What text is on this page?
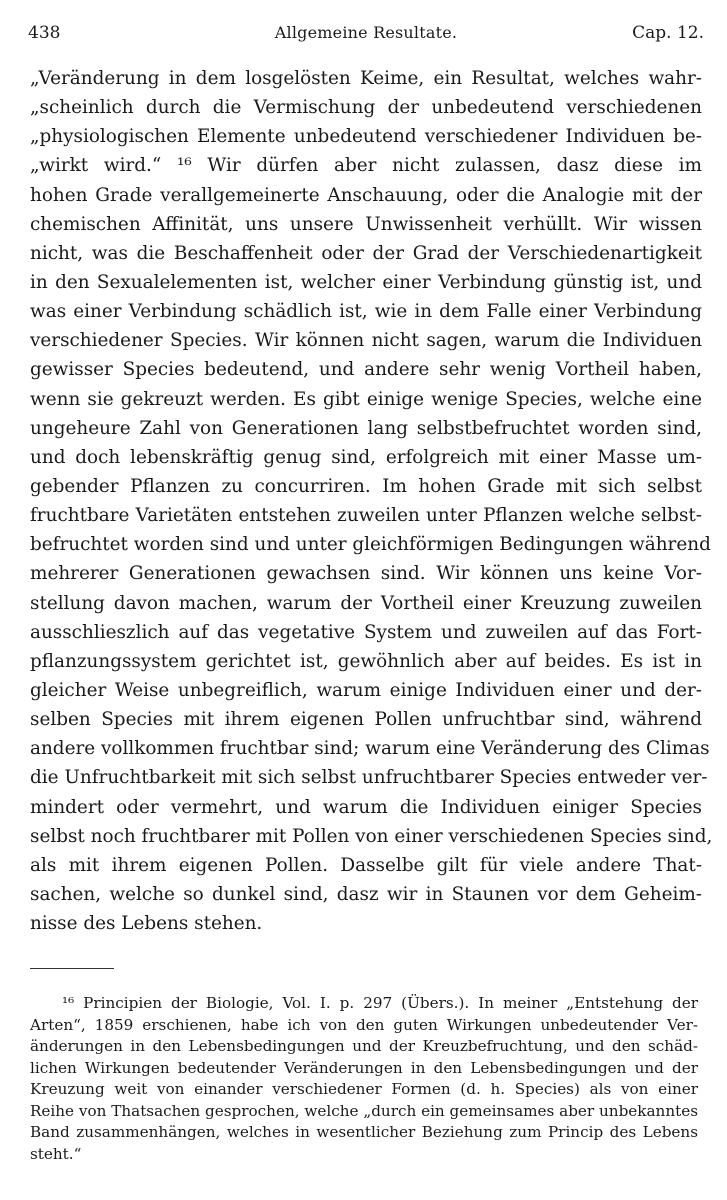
438	Allgemeine Resultate.	Cap. 12.
„Veränderung in dem losgelösten Keime, ein Resultat, welches wahr-
„scheinlich durch die Vermischung der unbedeutend verschiedenen
„physiologischen Elemente unbedeutend verschiedener Individuen be-
„wirkt wird.“ ¹⁶ Wir dürfen aber nicht zulassen, dasz diese im
hohen Grade verallgemeinerte Anschauung, oder die Analogie mit der
chemischen Affinität, uns unsere Unwissenheit verhüllt. Wir wissen
nicht, was die Beschaffenheit oder der Grad der Verschiedenartigkeit
in den Sexualelementen ist, welcher einer Verbindung günstig ist, und
was einer Verbindung schädlich ist, wie in dem Falle einer Verbindung
verschiedener Species. Wir können nicht sagen, warum die Individuen
gewisser Species bedeutend, und andere sehr wenig Vortheil haben,
wenn sie gekreuzt werden. Es gibt einige wenige Species, welche eine
ungeheure Zahl von Generationen lang selbstbefruchtet worden sind,
und doch lebenskräftig genug sind, erfolgreich mit einer Masse um-
gebender Pflanzen zu concurriren. Im hohen Grade mit sich selbst
fruchtbare Varietäten entstehen zuweilen unter Pflanzen welche selbst-
befruchtet worden sind und unter gleichförmigen Bedingungen während
mehrerer Generationen gewachsen sind. Wir können uns keine Vor-
stellung davon machen, warum der Vortheil einer Kreuzung zuweilen
ausschlieszlich auf das vegetative System und zuweilen auf das Fort-
pflanzungssystem gerichtet ist, gewöhnlich aber auf beides. Es ist in
gleicher Weise unbegreiflich, warum einige Individuen einer und der-
selben Species mit ihrem eigenen Pollen unfruchtbar sind, während
andere vollkommen fruchtbar sind; warum eine Veränderung des Climas
die Unfruchtbarkeit mit sich selbst unfruchtbarer Species entweder ver-
mindert oder vermehrt, und warum die Individuen einiger Species
selbst noch fruchtbarer mit Pollen von einer verschiedenen Species sind,
als mit ihrem eigenen Pollen. Dasselbe gilt für viele andere That-
sachen, welche so dunkel sind, dasz wir in Staunen vor dem Geheim-
nisse des Lebens stehen.
¹⁶ Principien der Biologie, Vol. I. p. 297 (Übers.). In meiner „Entstehung der
Arten“, 1859 erschienen, habe ich von den guten Wirkungen unbedeutender Ver-
änderungen in den Lebensbedingungen und der Kreuzbefruchtung, und den schäd-
lichen Wirkungen bedeutender Veränderungen in den Lebensbedingungen und der
Kreuzung weit von einander verschiedener Formen (d. h. Species) als von einer
Reihe von Thatsachen gesprochen, welche „durch ein gemeinsames aber unbekanntes
Band zusammenhängen, welches in wesentlicher Beziehung zum Princip des Lebens
steht.“
